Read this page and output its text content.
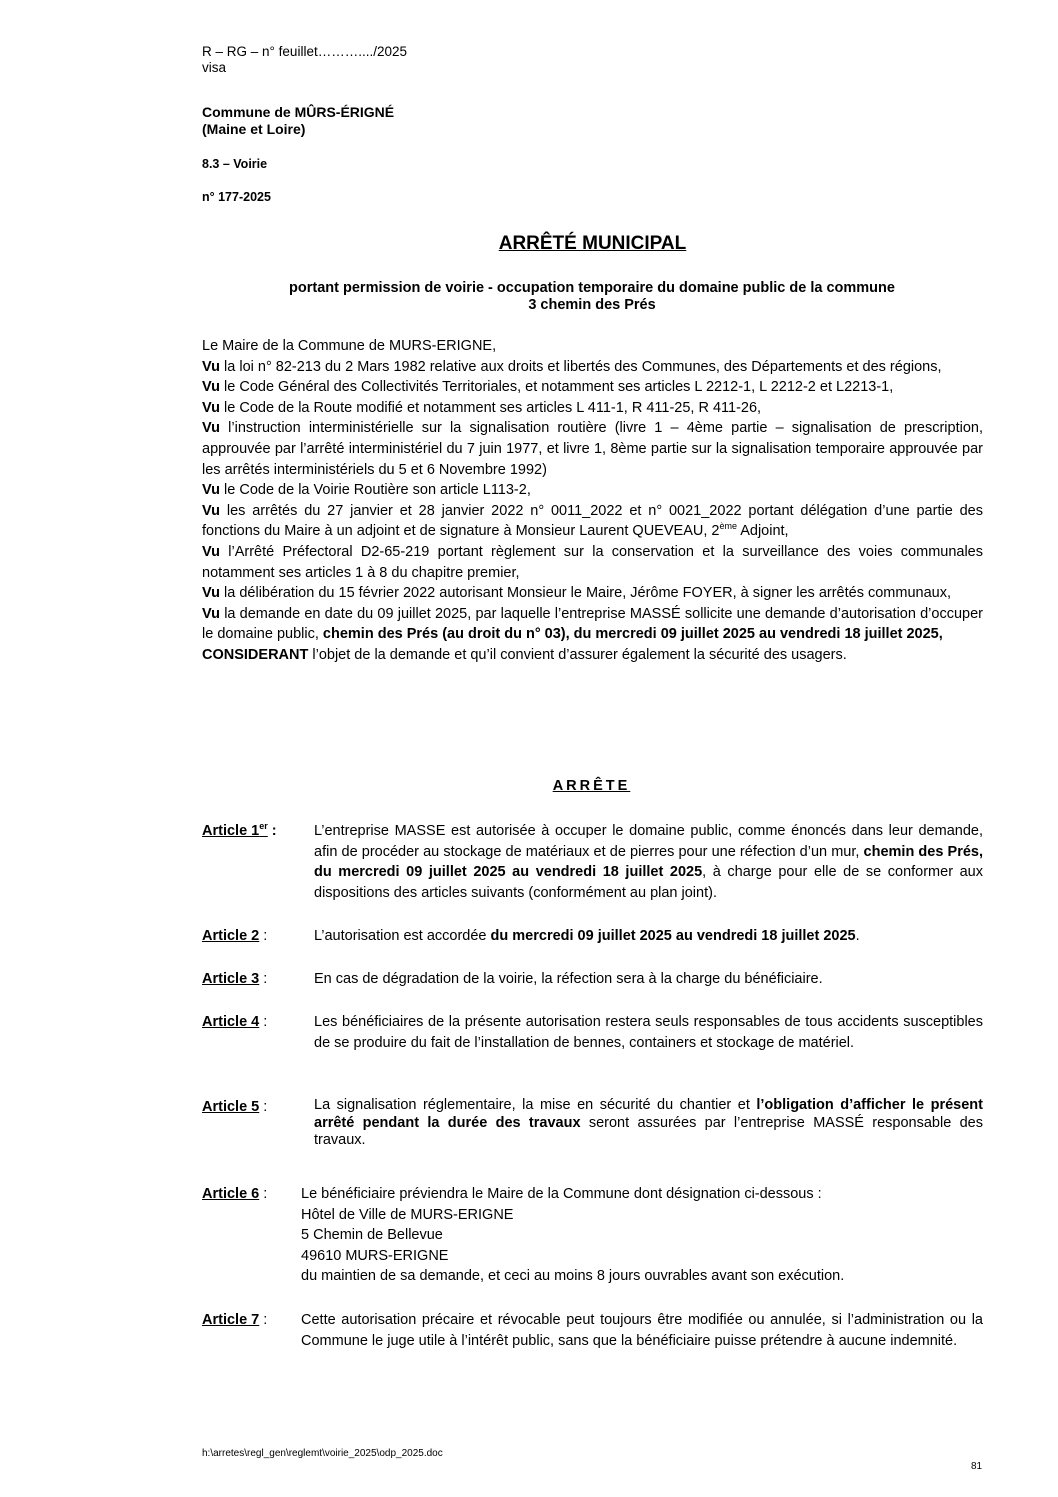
R – RG – n° feuillet………..../2025
visa
Commune de MÛRS-ÉRIGNÉ
(Maine et Loire)
8.3 – Voirie
n° 177-2025
ARRÊTÉ MUNICIPAL
portant permission de voirie - occupation temporaire du domaine public de la commune
3 chemin des Prés

Le Maire de la Commune de MURS-ERIGNE,

Vu la loi n° 82-213 du 2 Mars 1982 relative aux droits et libertés des Communes, des Départements et des régions,

Vu le Code Général des Collectivités Territoriales, et notamment ses articles L 2212-1, L 2212-2 et L2213-1,

Vu le Code de la Route modifié et notamment ses articles L 411-1, R 411-25, R 411-26,

Vu l’instruction interministérielle sur la signalisation routière (livre 1 – 4ème partie – signalisation de prescription, approuvée par l’arrêté interministériel du 7 juin 1977, et livre 1, 8ème partie sur la signalisation temporaire approuvée par les arrêtés interministériels du 5 et 6 Novembre 1992)

Vu le Code de la Voirie Routière son article L113-2,

Vu les arrêtés du 27 janvier et 28 janvier 2022 n° 0011_2022 et n° 0021_2022 portant délégation d’une partie des fonctions du Maire à un adjoint et de signature à Monsieur Laurent QUEVEAU, 2ème Adjoint,

Vu l’Arrêté Préfectoral D2-65-219 portant règlement sur la conservation et la surveillance des voies communales notamment ses articles 1 à 8 du chapitre premier,

Vu la délibération du 15 février 2022 autorisant Monsieur le Maire, Jérôme FOYER, à signer les arrêtés communaux,

Vu la demande en date du 09 juillet 2025, par laquelle l’entreprise MASSÉ sollicite une demande d’autorisation d’occuper le domaine public, chemin des Prés (au droit du n° 03), du mercredi 09 juillet 2025 au vendredi 18 juillet 2025,

CONSIDERANT l’objet de la demande et qu’il convient d’assurer également la sécurité des usagers.

ARRÊTE
Article 1er :	L’entreprise MASSE est autorisée à occuper le domaine public, comme énoncés dans leur demande, afin de procéder au stockage de matériaux et de pierres pour une réfection d’un mur, chemin des Prés, du mercredi 09 juillet 2025 au vendredi 18 juillet 2025, à charge pour elle de se conformer aux dispositions des articles suivants (conformément au plan joint).

Article 2 :	L’autorisation est accordée du mercredi 09 juillet 2025 au vendredi 18 juillet 2025.

Article 3 :	En cas de dégradation de la voirie, la réfection sera à la charge du bénéficiaire.

Article 4 :	Les bénéficiaires de la présente autorisation restera seuls responsables de tous accidents susceptibles de se produire du fait de l’installation de bennes, containers et stockage de matériel.

Article 5 :	La signalisation réglementaire, la mise en sécurité du chantier et l’obligation d’afficher le présent arrêté pendant la durée des travaux seront assurées par l’entreprise MASSÉ responsable des travaux.

Article 6 : Le bénéficiaire préviendra le Maire de la Commune dont désignation ci-dessous :

Hôtel de Ville de MURS-ERIGNE

5 Chemin de Bellevue

49610 MURS-ERIGNE

du maintien de sa demande, et ceci au moins 8 jours ouvrables avant son exécution.

Article 7 : Cette autorisation précaire et révocable peut toujours être modifiée ou annulée, si l’administration ou la Commune le juge utile à l’intérêt public, sans que la bénéficiaire puisse prétendre à aucune indemnité.

h:\arretes\regl_gen\reglemt\voirie_2025\odp_2025.doc
81
